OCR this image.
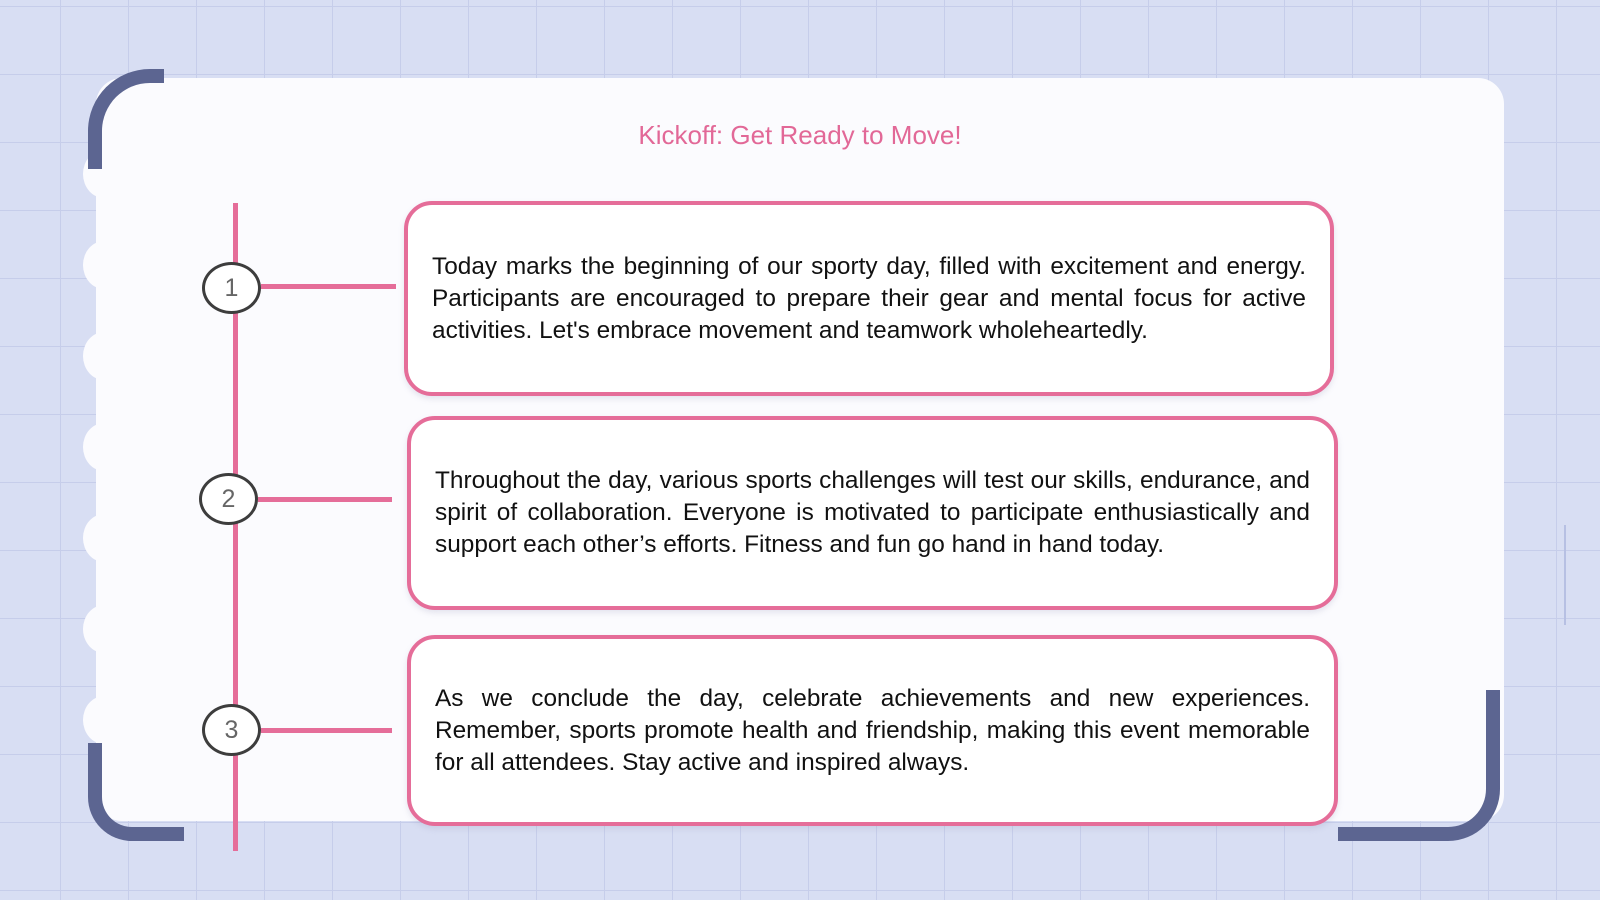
Kickoff: Get Ready to Move!
1

Today marks the beginning of our sporty day, filled with excitement and energy. Participants are encouraged to prepare their gear and mental focus for active activities. Let's embrace movement and teamwork wholeheartedly.

2

Throughout the day, various sports challenges will test our skills, endurance, and spirit of collaboration. Everyone is motivated to participate enthusiastically and support each other’s efforts. Fitness and fun go hand in hand today.

3

As we conclude the day, celebrate achievements and new experiences. Remember, sports promote health and friendship, making this event memorable for all attendees. Stay active and inspired always.
